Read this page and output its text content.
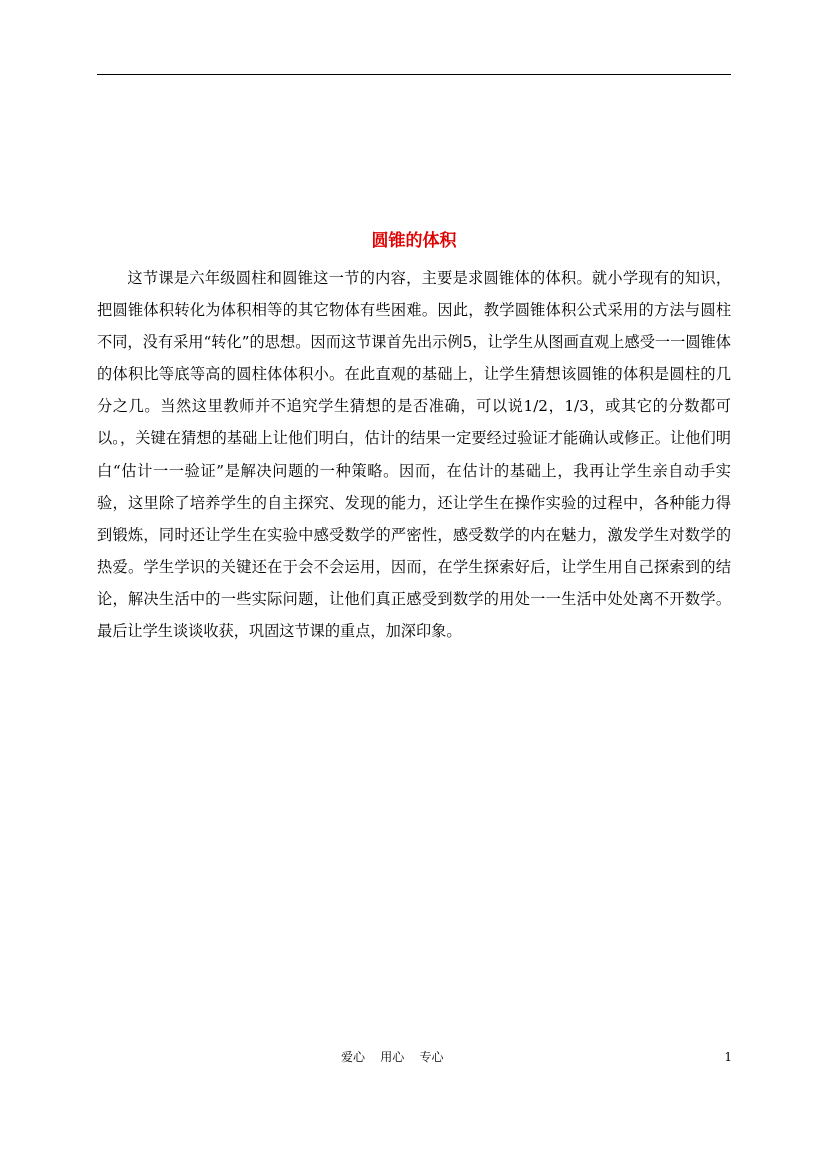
圆锥的体积

这节课是六年级圆柱和圆锥这一节的内容，主要是求圆锥体的体积。就小学现有的知识，把圆锥体积转化为体积相等的其它物体有些困难。因此，教学圆锥体积公式采用的方法与圆柱不同，没有采用“转化”的思想。因而这节课首先出示例5，让学生从图画直观上感受一一圆锥体的体积比等底等高的圆柱体体积小。在此直观的基础上，让学生猜想该圆锥的体积是圆柱的几分之几。当然这里教师并不追究学生猜想的是否准确，可以说1/2，1/3，或其它的分数都可以。，关键在猜想的基础上让他们明白，估计的结果一定要经过验证才能确认或修正。让他们明白“估计一一验证”是解决问题的一种策略。因而，在估计的基础上，我再让学生亲自动手实验，这里除了培养学生的自主探究、发现的能力，还让学生在操作实验的过程中，各种能力得到锻炼，同时还让学生在实验中感受数学的严密性，感受数学的内在魅力，激发学生对数学的热爱。学生学识的关键还在于会不会运用，因而，在学生探索好后，让学生用自己探索到的结论，解决生活中的一些实际问题，让他们真正感受到数学的用处一一生活中处处离不开数学。最后让学生谈谈收获，巩固这节课的重点，加深印象。

爱心    用心    专心	1
